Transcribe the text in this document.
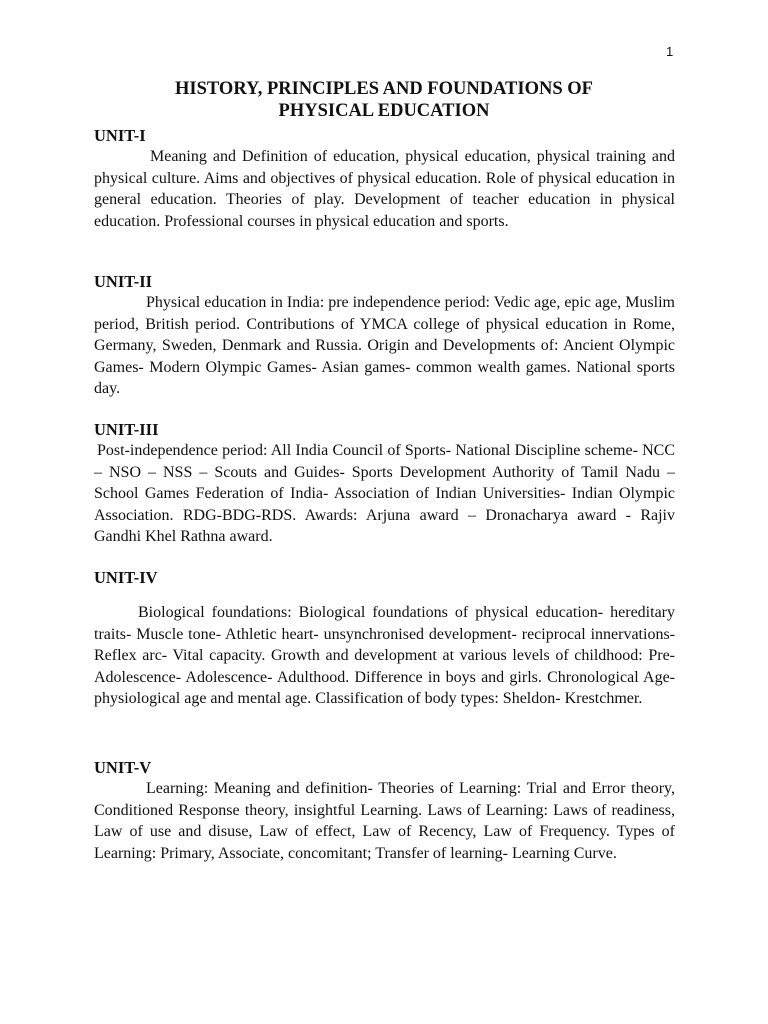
1
HISTORY, PRINCIPLES AND FOUNDATIONS OF
PHYSICAL EDUCATION

UNIT-I

Meaning and Definition of education, physical education, physical training and physical culture. Aims and objectives of physical education. Role of physical education in general education. Theories of play. Development of teacher education in physical education. Professional courses in physical education and sports.

UNIT-II

Physical education in India: pre independence period: Vedic age, epic age, Muslim period, British period. Contributions of YMCA college of physical education in Rome, Germany, Sweden, Denmark and Russia. Origin and Developments of: Ancient Olympic Games- Modern Olympic Games- Asian games- common wealth games. National sports day.

UNIT-III

Post-independence period: All India Council of Sports- National Discipline scheme- NCC – NSO – NSS – Scouts and Guides- Sports Development Authority of Tamil Nadu – School Games Federation of India- Association of Indian Universities- Indian Olympic Association. RDG-BDG-RDS. Awards: Arjuna award – Dronacharya award - Rajiv Gandhi Khel Rathna award.

UNIT-IV

Biological foundations: Biological foundations of physical education- hereditary traits- Muscle tone- Athletic heart- unsynchronised development- reciprocal innervations- Reflex arc- Vital capacity. Growth and development at various levels of childhood: Pre-Adolescence- Adolescence- Adulthood. Difference in boys and girls. Chronological Age- physiological age and mental age. Classification of body types: Sheldon- Krestchmer.

UNIT-V

Learning: Meaning and definition- Theories of Learning: Trial and Error theory, Conditioned Response theory, insightful Learning. Laws of Learning: Laws of readiness, Law of use and disuse, Law of effect, Law of Recency, Law of Frequency. Types of Learning: Primary, Associate, concomitant; Transfer of learning- Learning Curve.
